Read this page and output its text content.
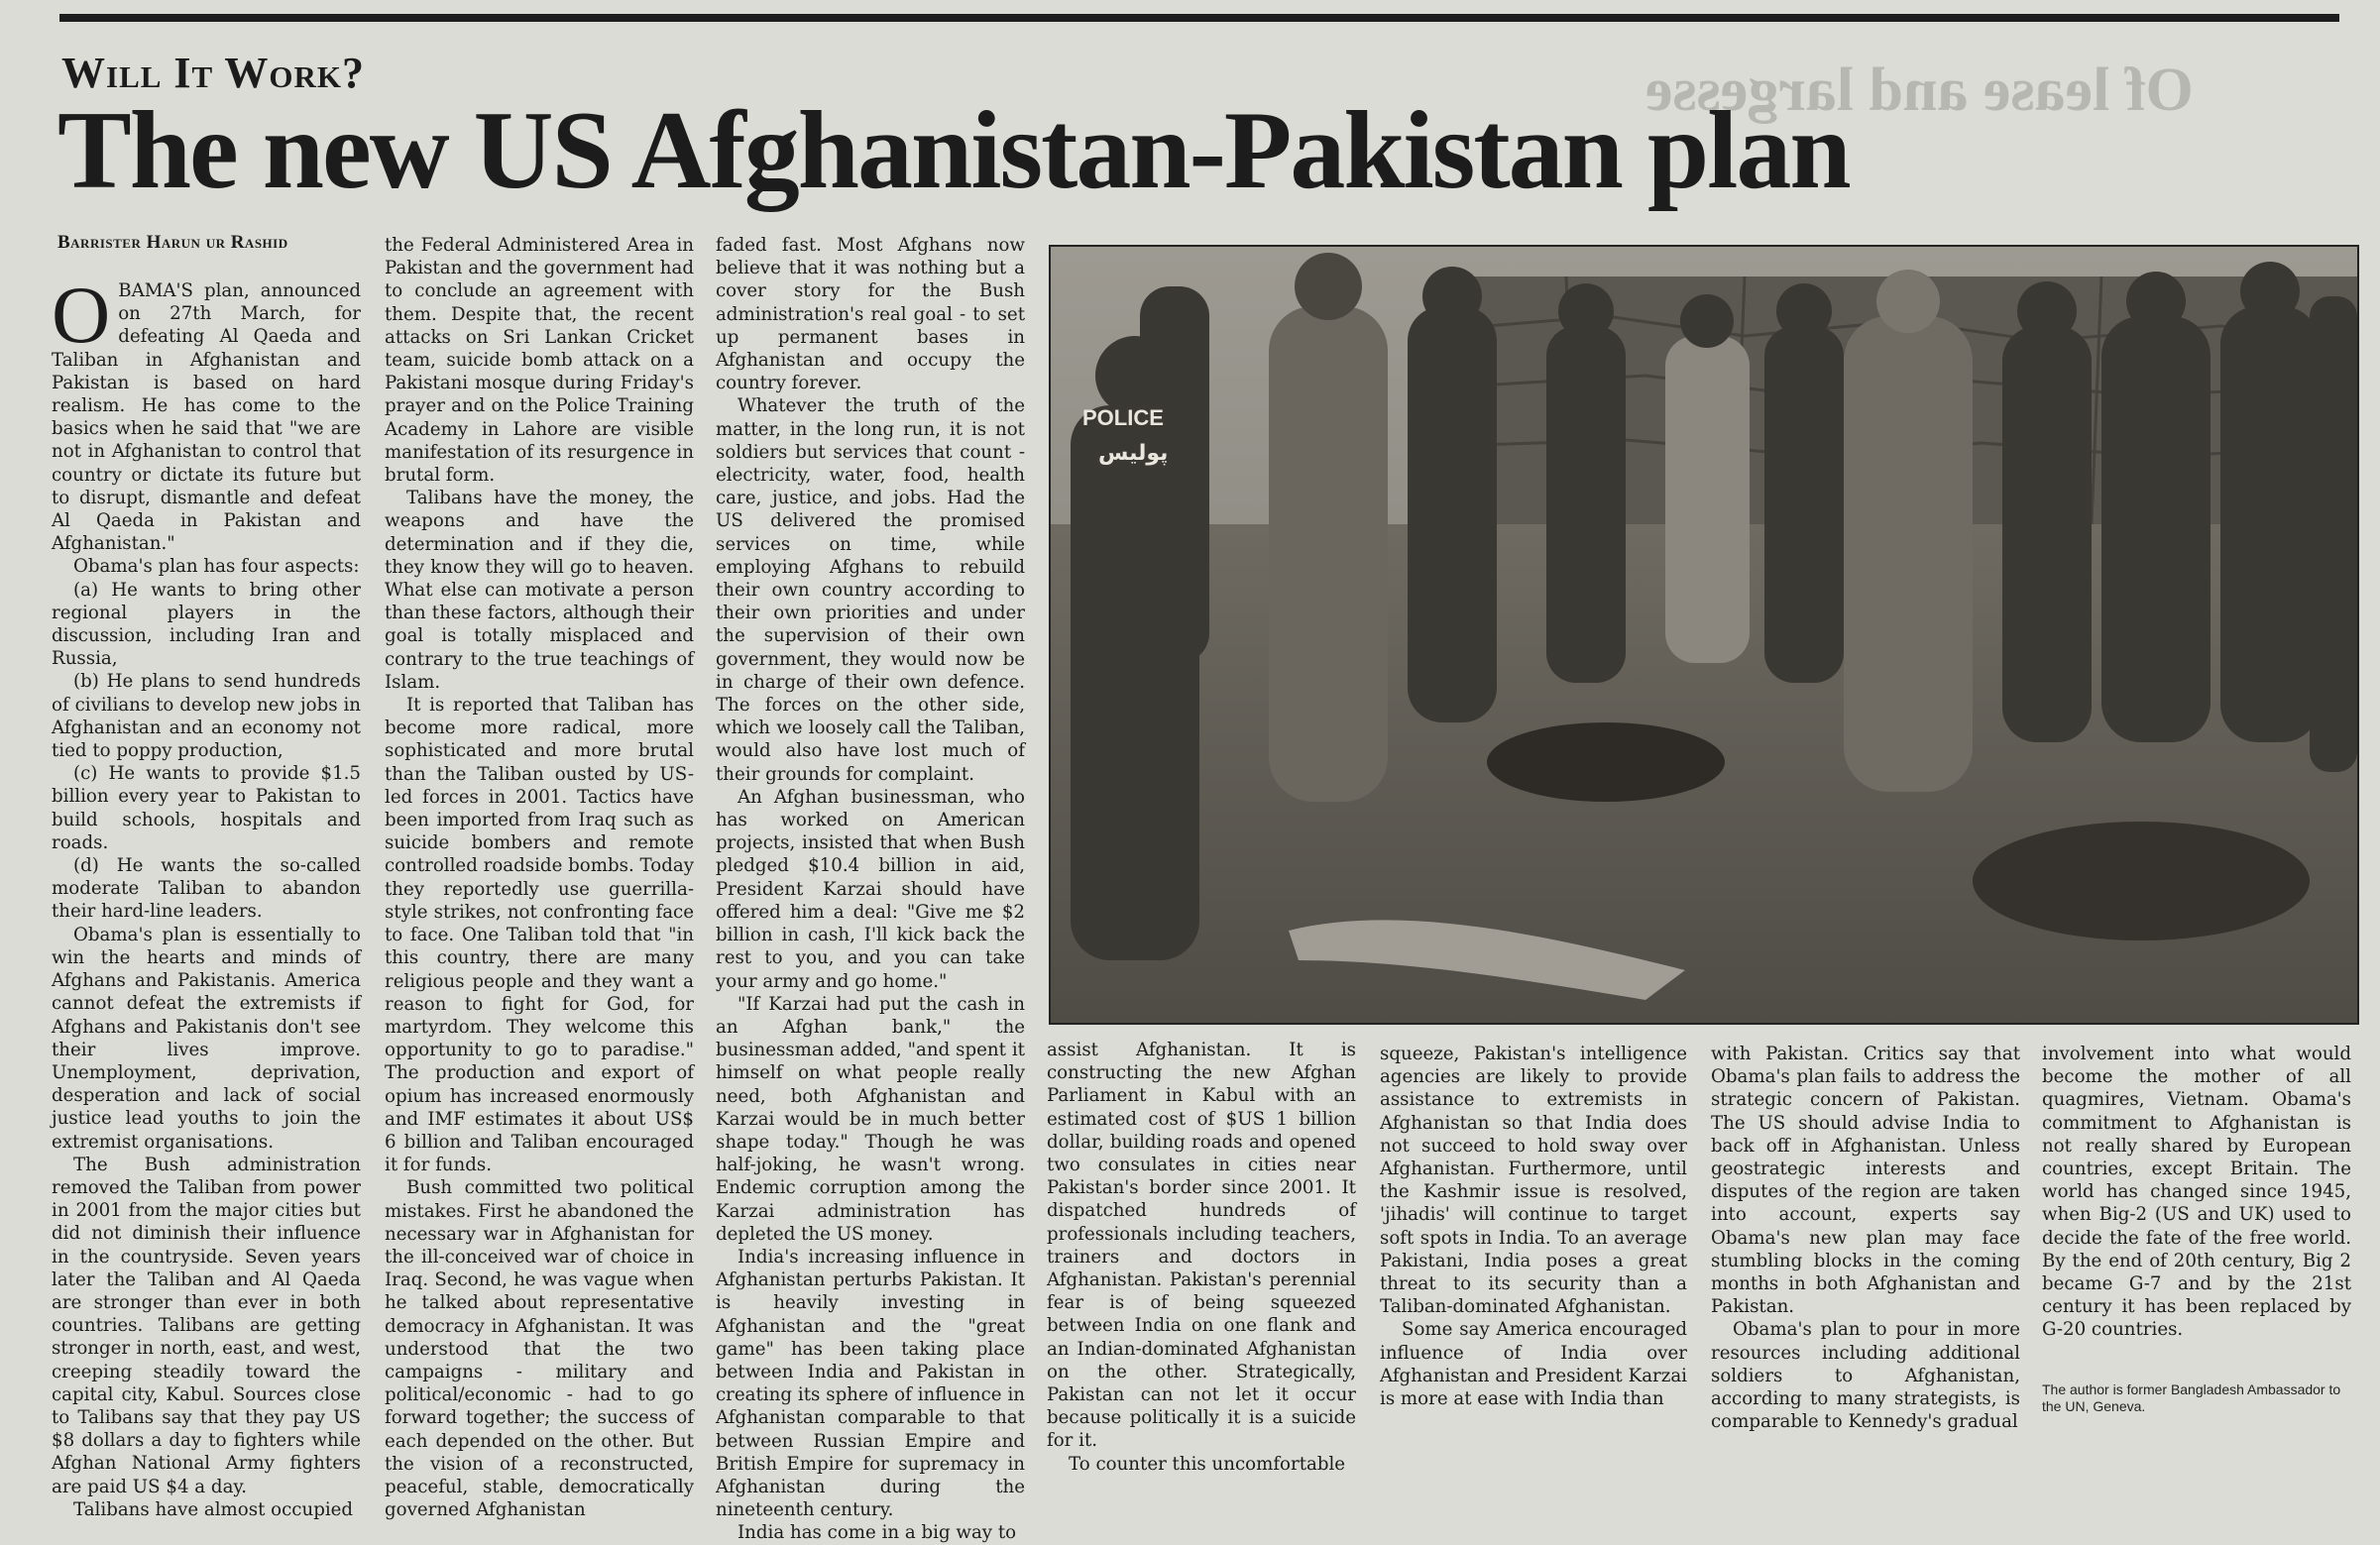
Of lease and largesse
Will It Work?
The new US Afghanistan-Pakistan plan
Barrister Harun ur Rashid

OBAMA'S plan, announced on 27th March, for defeating Al Qaeda and Taliban in Afghanistan and Pakistan is based on hard realism. He has come to the basics when he said that "we are not in Afghanistan to control that country or dictate its future but to disrupt, dismantle and defeat Al Qaeda in Pakistan and Afghanistan."

Obama's plan has four aspects:

(a) He wants to bring other regional players in the discussion, including Iran and Russia,

(b) He plans to send hundreds of civilians to develop new jobs in Afghanistan and an economy not tied to poppy production,

(c) He wants to provide $1.5 billion every year to Pakistan to build schools, hospitals and roads.

(d) He wants the so-called moderate Taliban to abandon their hard-line leaders.

Obama's plan is essentially to win the hearts and minds of Afghans and Pakistanis. America cannot defeat the extremists if Afghans and Pakistanis don't see their lives improve. Unemployment, deprivation, desperation and lack of social justice lead youths to join the extremist organisations.

The Bush administration removed the Taliban from power in 2001 from the major cities but did not diminish their influence in the countryside. Seven years later the Taliban and Al Qaeda are stronger than ever in both countries. Talibans are getting stronger in north, east, and west, creeping steadily toward the capital city, Kabul. Sources close to Talibans say that they pay US $8 dollars a day to fighters while Afghan National Army fighters are paid US $4 a day.

Talibans have almost occupied

the Federal Administered Area in Pakistan and the government had to conclude an agreement with them. Despite that, the recent attacks on Sri Lankan Cricket team, suicide bomb attack on a Pakistani mosque during Friday's prayer and on the Police Training Academy in Lahore are visible manifestation of its resurgence in brutal form.

Talibans have the money, the weapons and have the determination and if they die, they know they will go to heaven. What else can motivate a person than these factors, although their goal is totally misplaced and contrary to the true teachings of Islam.

It is reported that Taliban has become more radical, more sophisticated and more brutal than the Taliban ousted by US-led forces in 2001. Tactics have been imported from Iraq such as suicide bombers and remote controlled roadside bombs. Today they reportedly use guerrilla-style strikes, not confronting face to face. One Taliban told that "in this country, there are many religious people and they want a reason to fight for God, for martyrdom. They welcome this opportunity to go to paradise." The production and export of opium has increased enormously and IMF estimates it about US$ 6 billion and Taliban encouraged it for funds.

Bush committed two political mistakes. First he abandoned the necessary war in Afghanistan for the ill-conceived war of choice in Iraq. Second, he was vague when he talked about representative democracy in Afghanistan. It was understood that the two campaigns - military and political/economic - had to go forward together; the success of each depended on the other. But the vision of a reconstructed, peaceful, stable, democratically governed Afghanistan

faded fast. Most Afghans now believe that it was nothing but a cover story for the Bush administration's real goal - to set up permanent bases in Afghanistan and occupy the country forever.

Whatever the truth of the matter, in the long run, it is not soldiers but services that count - electricity, water, food, health care, justice, and jobs. Had the US delivered the promised services on time, while employing Afghans to rebuild their own country according to their own priorities and under the supervision of their own government, they would now be in charge of their own defence. The forces on the other side, which we loosely call the Taliban, would also have lost much of their grounds for complaint.

An Afghan businessman, who has worked on American projects, insisted that when Bush pledged $10.4 billion in aid, President Karzai should have offered him a deal: "Give me $2 billion in cash, I'll kick back the rest to you, and you can take your army and go home."

"If Karzai had put the cash in an Afghan bank," the businessman added, "and spent it himself on what people really need, both Afghanistan and Karzai would be in much better shape today." Though he was half-joking, he wasn't wrong. Endemic corruption among the Karzai administration has depleted the US money.

India's increasing influence in Afghanistan perturbs Pakistan. It is heavily investing in Afghanistan and the "great game" has been taking place between India and Pakistan in creating its sphere of influence in Afghanistan comparable to that between Russian Empire and British Empire for supremacy in Afghanistan during the nineteenth century.

India has come in a big way to

POLICE
پولیس

assist Afghanistan. It is constructing the new Afghan Parliament in Kabul with an estimated cost of $US 1 billion dollar, building roads and opened two consulates in cities near Pakistan's border since 2001. It dispatched hundreds of professionals including teachers, trainers and doctors in Afghanistan. Pakistan's perennial fear is of being squeezed between India on one flank and an Indian-dominated Afghanistan on the other. Strategically, Pakistan can not let it occur because politically it is a suicide for it.

To counter this uncomfortable

squeeze, Pakistan's intelligence agencies are likely to provide assistance to extremists in Afghanistan so that India does not succeed to hold sway over Afghanistan. Furthermore, until the Kashmir issue is resolved, 'jihadis' will continue to target soft spots in India. To an average Pakistani, India poses a great threat to its security than a Taliban-dominated Afghanistan.

Some say America encouraged influence of India over Afghanistan and President Karzai is more at ease with India than

with Pakistan. Critics say that Obama's plan fails to address the strategic concern of Pakistan. The US should advise India to back off in Afghanistan. Unless geostrategic interests and disputes of the region are taken into account, experts say Obama's new plan may face stumbling blocks in the coming months in both Afghanistan and Pakistan.

Obama's plan to pour in more resources including additional soldiers to Afghanistan, according to many strategists, is comparable to Kennedy's gradual

involvement into what would become the mother of all quagmires, Vietnam. Obama's commitment to Afghanistan is not really shared by European countries, except Britain. The world has changed since 1945, when Big-2 (US and UK) used to decide the fate of the free world. By the end of 20th century, Big 2 became G-7 and by the 21st century it has been replaced by G-20 countries.

The author is former Bangladesh Ambassador to the UN, Geneva.
